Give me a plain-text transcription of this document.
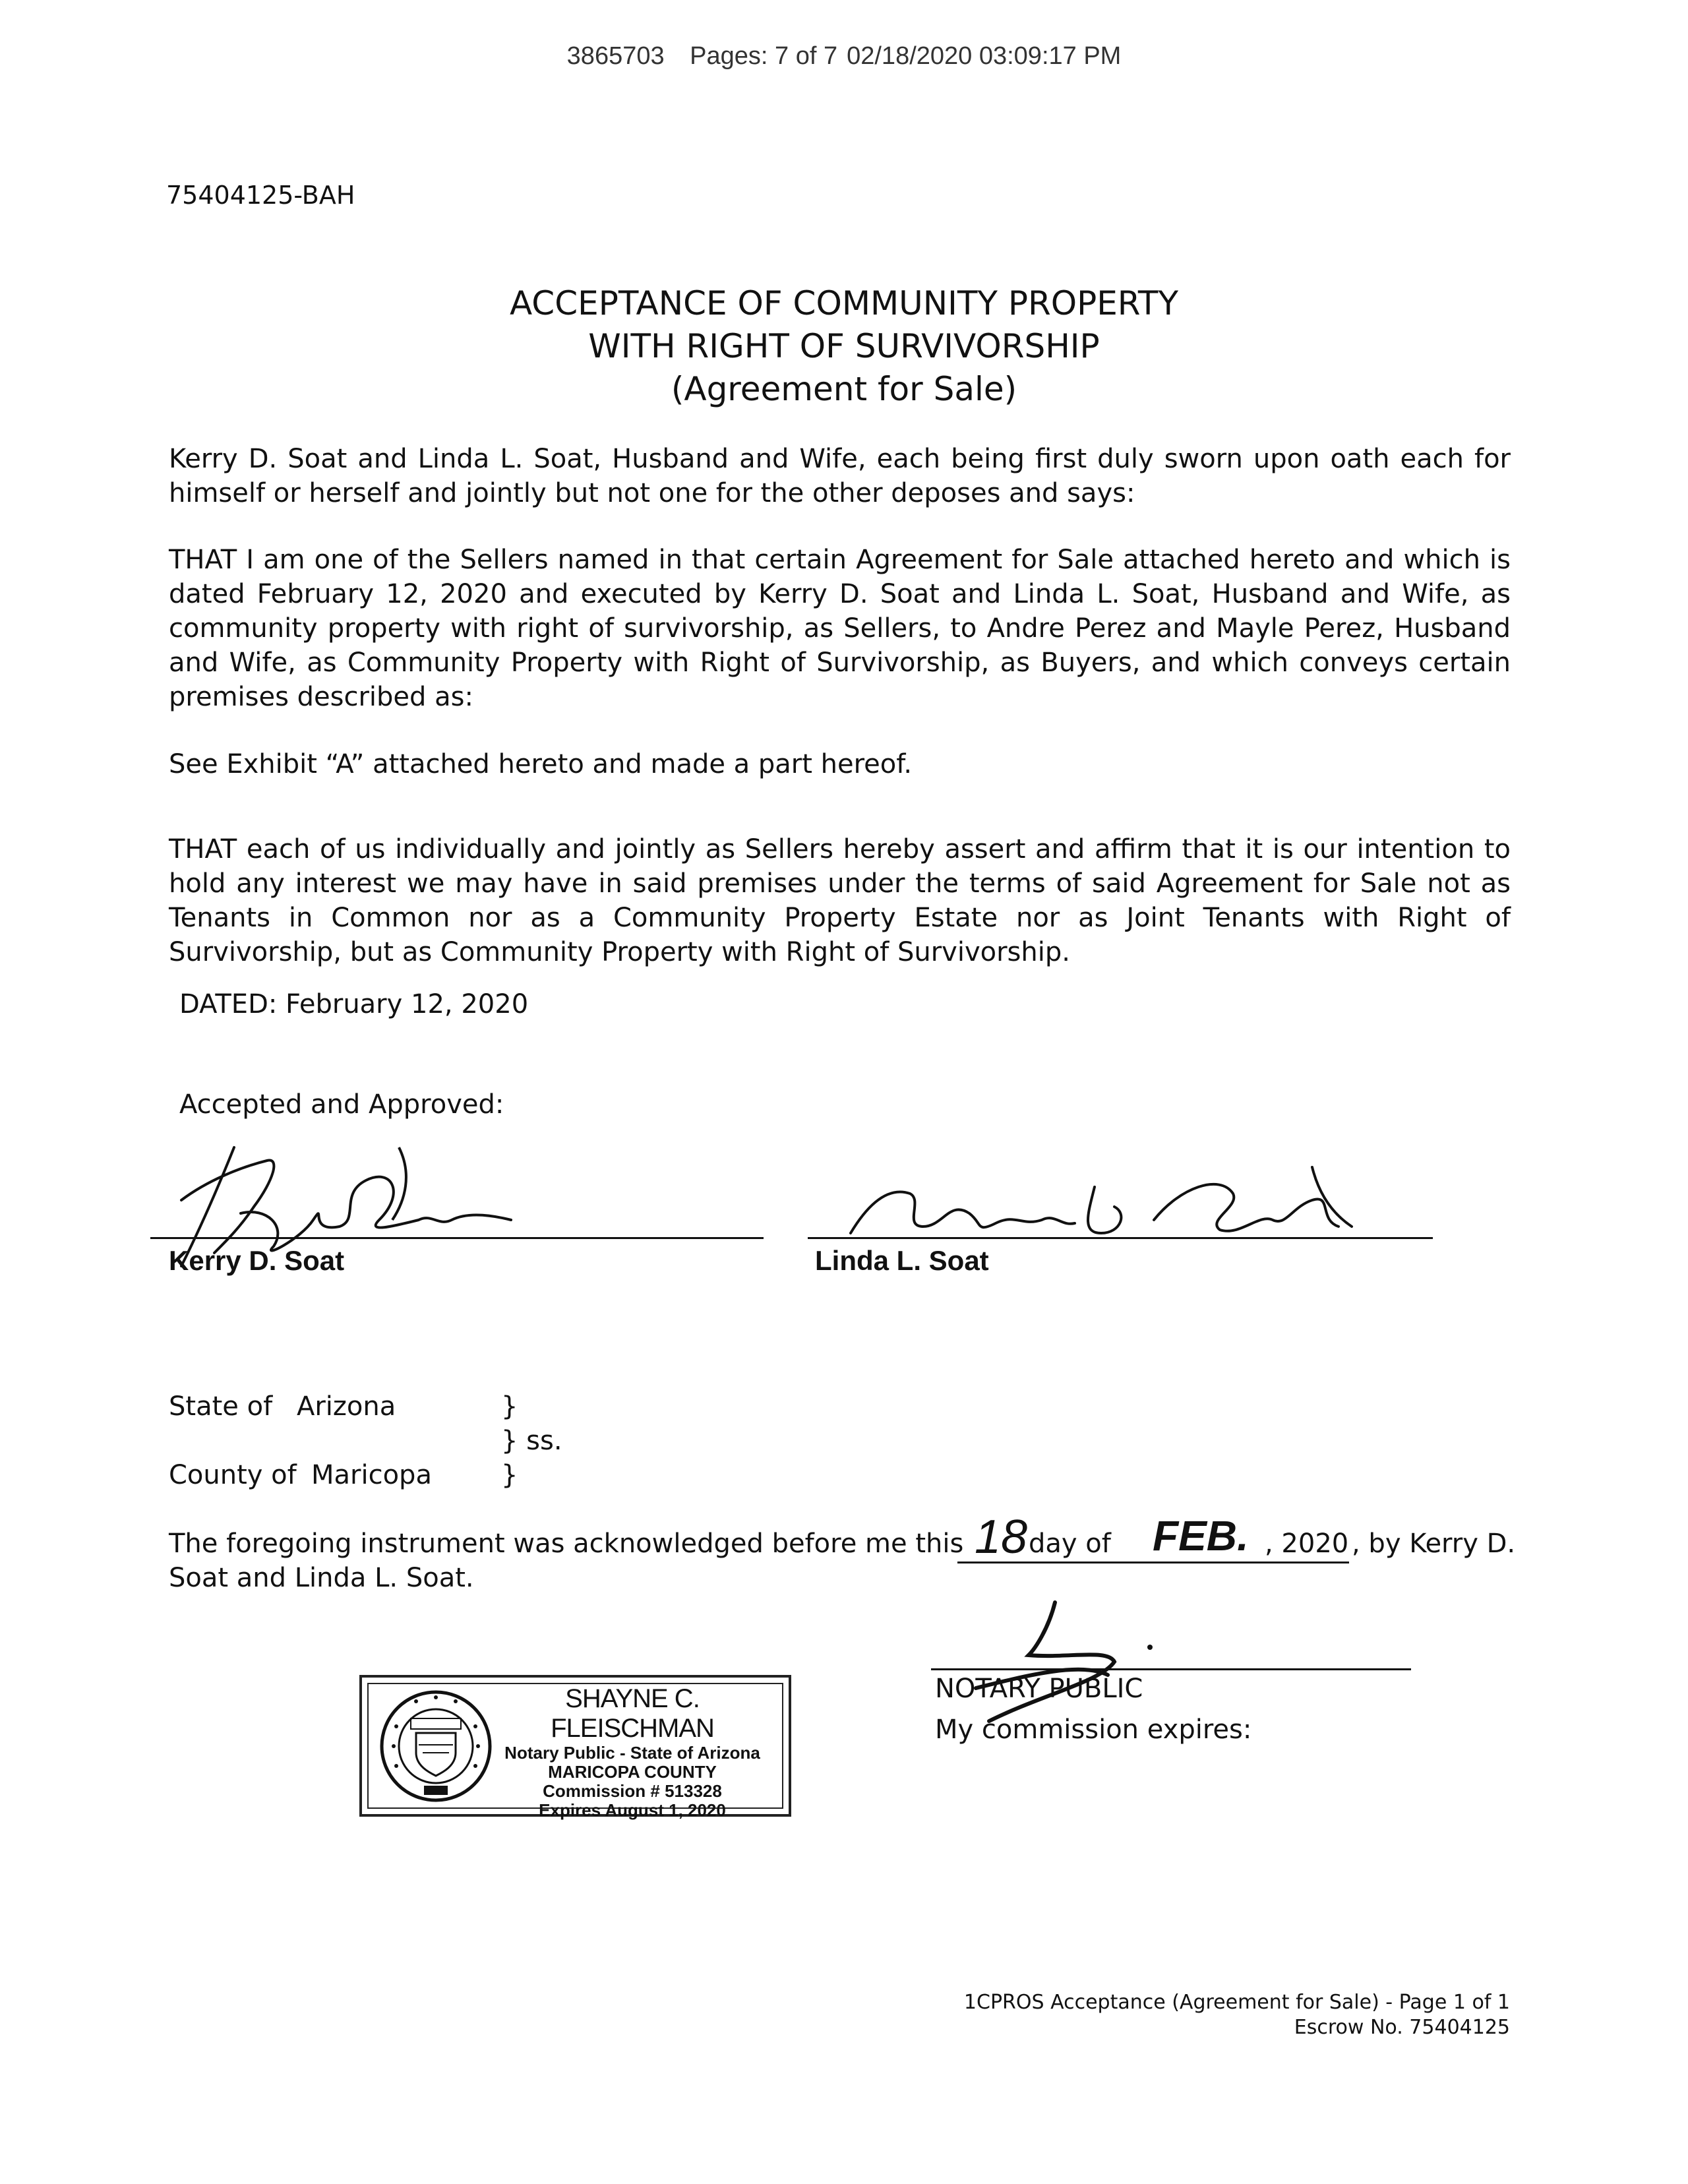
3865703 Pages: 7 of 7 02/18/2020 03:09:17 PM
75404125-BAH
ACCEPTANCE OF COMMUNITY PROPERTY
WITH RIGHT OF SURVIVORSHIP
(Agreement for Sale)
Kerry D. Soat and Linda L. Soat, Husband and Wife, each being first duly sworn upon oath each for himself or herself and jointly but not one for the other deposes and says:
THAT I am one of the Sellers named in that certain Agreement for Sale attached hereto and which is dated February 12, 2020 and executed by Kerry D. Soat and Linda L. Soat, Husband and Wife, as community property with right of survivorship, as Sellers, to Andre Perez and Mayle Perez, Husband and Wife, as Community Property with Right of Survivorship, as Buyers, and which conveys certain premises described as:
See Exhibit “A” attached hereto and made a part hereof.
THAT each of us individually and jointly as Sellers hereby assert and affirm that it is our intention to hold any interest we may have in said premises under the terms of said Agreement for Sale not as Tenants in Common nor as a Community Property Estate nor as Joint Tenants with Right of Survivorship, but as Community Property with Right of Survivorship.
DATED: February 12, 2020
Accepted and Approved:
Kerry D. Soat	Linda L. Soat
State of Arizona	}
} ss.
County of Maricopa	}
The foregoing instrument was acknowledged before me this 18 day of FEB. , 2020 , by Kerry D.
Soat and Linda L. Soat.
NOTARY PUBLIC
My commission expires:
SHAYNE C. FLEISCHMAN
Notary Public - State of Arizona
MARICOPA COUNTY
Commission # 513328
Expires August 1, 2020
1CPROS Acceptance (Agreement for Sale) - Page 1 of 1
Escrow No. 75404125
